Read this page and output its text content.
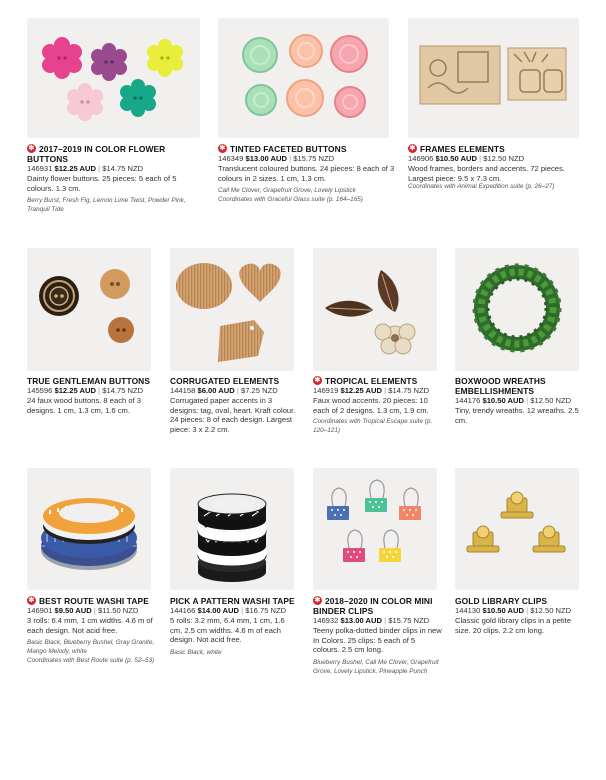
✱2017–2019 IN COLOR FLOWER BUTTONS
146931 $12.25 AUD | $14.75 NZD
Dainty flower buttons. 25 pieces: 5 each of 5 colours. 1.3 cm.
Berry Burst, Fresh Fig, Lemon Lime Twist, Powder Pink, Tranquil Tide
✱TINTED FACETED BUTTONS
146349 $13.00 AUD | $15.75 NZD
Translucent coloured buttons. 24 pieces: 8 each of 3 colours in 2 sizes. 1 cm, 1.3 cm.
Call Me Clover, Grapefruit Grove, Lovely Lipstick
Coordinates with Graceful Glass suite (p. 164–165)
✱FRAMES ELEMENTS
146906 $10.50 AUD | $12.50 NZD
Wood frames, borders and accents. 72 pieces. Largest piece: 9.5 x 7.3 cm.
Coordinates with Animal Expedition suite (p. 26–27)
TRUE GENTLEMAN BUTTONS
145596 $12.25 AUD | $14.75 NZD
24 faux wood buttons. 8 each of 3 designs. 1 cm, 1.3 cm, 1.6 cm.
CORRUGATED ELEMENTS
144158 $6.00 AUD | $7.25 NZD
Corrugated paper accents in 3 designs: tag, oval, heart. Kraft colour. 24 pieces: 8 of each design. Largest piece: 3 x 2.2 cm.
✱TROPICAL ELEMENTS
146919 $12.25 AUD | $14.75 NZD
Faux wood accents. 20 pieces: 10 each of 2 designs. 1.3 cm, 1.9 cm.
Coordinates with Tropical Escape suite (p. 120–121)
BOXWOOD WREATHS EMBELLISHMENTS
144176 $10.50 AUD | $12.50 NZD
Tiny, trendy wreaths. 12 wreaths. 2.5 cm.
✱BEST ROUTE WASHI TAPE
146901 $9.50 AUD | $11.50 NZD
3 rolls: 6.4 mm, 1 cm widths. 4.6 m of each design. Not acid free.
Basic Black, Blueberry Bushel, Gray Granite, Mango Melody, white
Coordinates with Best Route suite (p. 52–53)
PICK A PATTERN WASHI TAPE
144166 $14.00 AUD | $16.75 NZD
5 rolls: 3.2 mm, 6.4 mm, 1 cm, 1.6 cm, 2.5 cm widths. 4.6 m of each design. Not acid free.
Basic Black, white
✱2018–2020 IN COLOR MINI BINDER CLIPS
146932 $13.00 AUD | $15.75 NZD
Teeny polka-dotted binder clips in new In Colors. 25 clips: 5 each of 5 colours. 2.5 cm long.
Blueberry Bushel, Call Me Clover, Grapefruit Grove, Lovely Lipstick, Pineapple Punch
GOLD LIBRARY CLIPS
144130 $10.50 AUD | $12.50 NZD
Classic gold library clips in a petite size. 20 clips. 2.2 cm long.
